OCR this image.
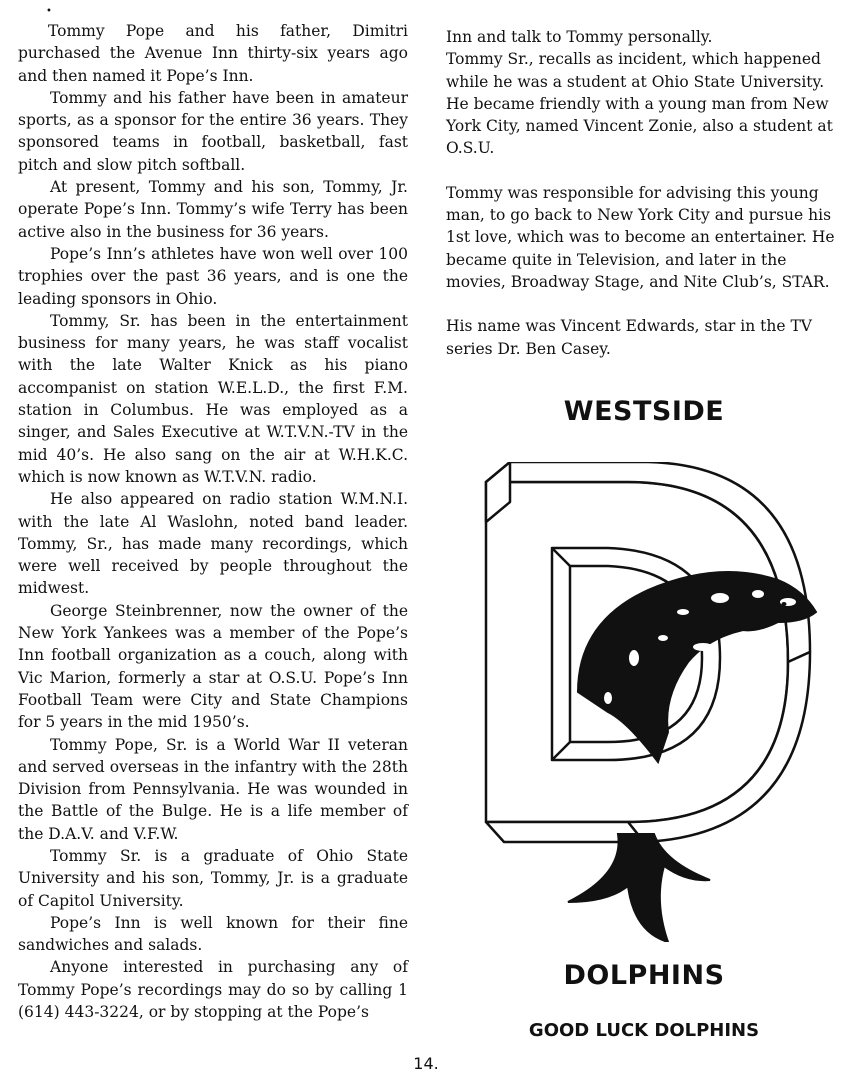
•

Tommy Pope and his father, Dimitri purchased the Avenue Inn thirty-six years ago and then named it Pope’s Inn.

Tommy and his father have been in amateur sports, as a sponsor for the entire 36 years. They sponsored teams in football, basketball, fast pitch and slow pitch softball.

At present, Tommy and his son, Tommy, Jr. operate Pope’s Inn. Tommy’s wife Terry has been active also in the business for 36 years.

Pope’s Inn’s athletes have won well over 100 trophies over the past 36 years, and is one the leading sponsors in Ohio.

Tommy, Sr. has been in the entertainment business for many years, he was staff vocalist with the late Walter Knick as his piano accompanist on station W.E.L.D., the first F.M. station in Columbus. He was employed as a singer, and Sales Executive at W.T.V.N.-TV in the mid 40’s. He also sang on the air at W.H.K.C. which is now known as W.T.V.N. radio.

He also appeared on radio station W.M.N.I. with the late Al Waslohn, noted band leader. Tommy, Sr., has made many recordings, which were well received by people throughout the midwest.

George Steinbrenner, now the owner of the New York Yankees was a member of the Pope’s Inn football organization as a couch, along with Vic Marion, formerly a star at O.S.U. Pope’s Inn Football Team were City and State Champions for 5 years in the mid 1950’s.

Tommy Pope, Sr. is a World War II veteran and served overseas in the infantry with the 28th Division from Pennsylvania. He was wounded in the Battle of the Bulge. He is a life member of the D.A.V. and V.F.W.

Tommy Sr. is a graduate of Ohio State University and his son, Tommy, Jr. is a graduate of Capitol University.

Pope’s Inn is well known for their fine sandwiches and salads.

Anyone interested in purchasing any of Tommy Pope’s recordings may do so by calling 1 (614) 443-3224, or by stopping at the Pope’s

Inn and talk to Tommy personally.

Tommy Sr., recalls as incident, which happened while he was a student at Ohio State University. He became friendly with a young man from New York City, named Vincent Zonie, also a student at O.S.U.

Tommy was responsible for advising this young man, to go back to New York City and pursue his 1st love, which was to become an entertainer. He became quite in Television, and later in the movies, Broadway Stage, and Nite Club’s, STAR.

His name was Vincent Edwards, star in the TV series Dr. Ben Casey.

WESTSIDE
DOLPHINS
GOOD LUCK DOLPHINS
14.
